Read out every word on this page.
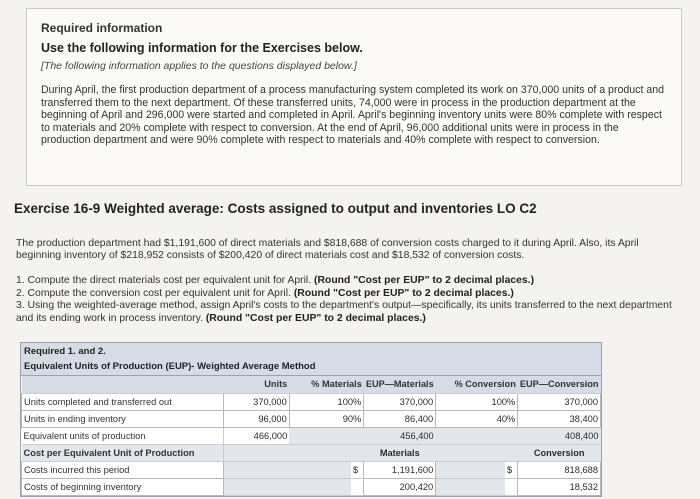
Required information
Use the following information for the Exercises below.
[The following information applies to the questions displayed below.]
During April, the first production department of a process manufacturing system completed its work on 370,000 units of a product and transferred them to the next department. Of these transferred units, 74,000 were in process in the production department at the beginning of April and 296,000 were started and completed in April. April's beginning inventory units were 80% complete with respect to materials and 20% complete with respect to conversion. At the end of April, 96,000 additional units were in process in the production department and were 90% complete with respect to materials and 40% complete with respect to conversion.
Exercise 16-9 Weighted average: Costs assigned to output and inventories LO C2
The production department had $1,191,600 of direct materials and $818,688 of conversion costs charged to it during April. Also, its April beginning inventory of $218,952 consists of $200,420 of direct materials cost and $18,532 of conversion costs.
1. Compute the direct materials cost per equivalent unit for April. (Round "Cost per EUP" to 2 decimal places.)
2. Compute the conversion cost per equivalent unit for April. (Round "Cost per EUP" to 2 decimal places.)
3. Using the weighted-average method, assign April's costs to the department's output—specifically, its units transferred to the next department and its ending work in process inventory. (Round "Cost per EUP" to 2 decimal places.)
Required 1. and 2.
Equivalent Units of Production (EUP)- Weighted Average Method
	Units	% Materials		EUP—Materials	% Conversion		EUP—Conversion
Units completed and transferred out	370,000	100%		370,000	100%		370,000
Units in ending inventory	96,000	90%		86,400	40%		38,400
Equivalent units of production	466,000			456,400			408,400
Cost per Equivalent Unit of Production				Materials			Conversion
Costs incurred this period			$	1,191,600		$	818,688
Costs of beginning inventory				200,420			18,532
